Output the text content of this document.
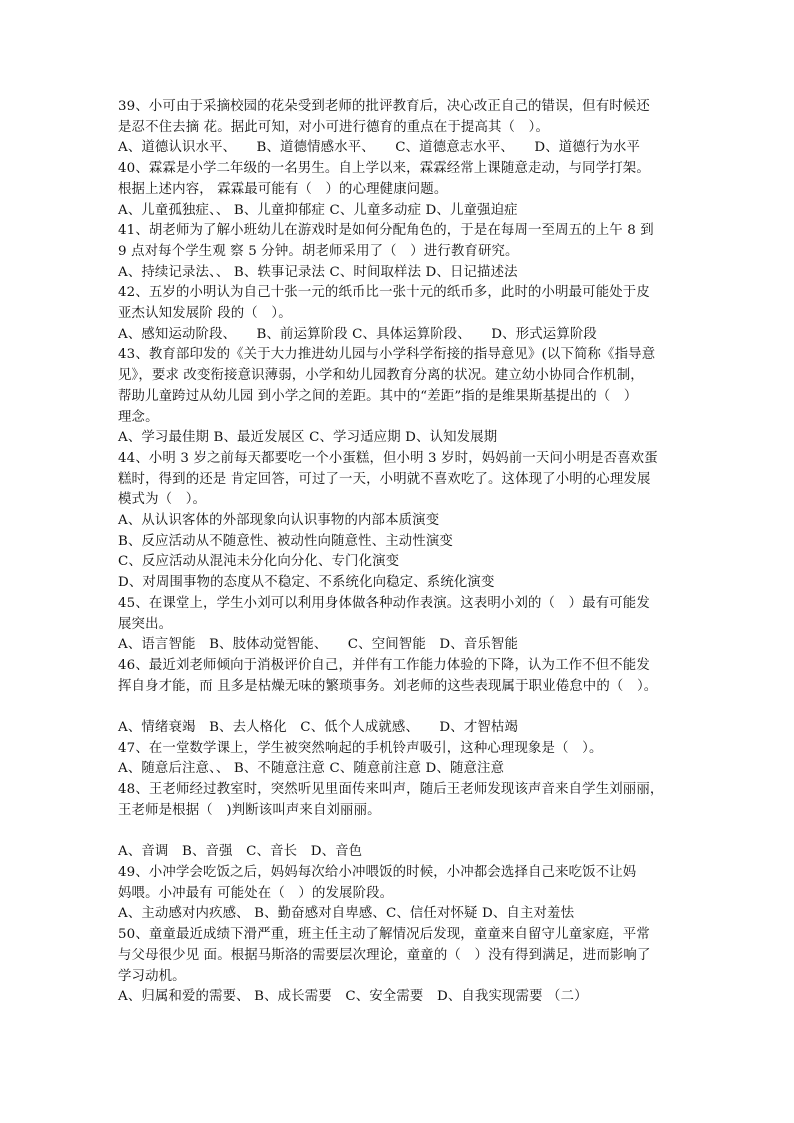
39、小可由于采摘校园的花朵受到老师的批评教育后，决心改正自己的错误，但有时候还
是忍不住去摘 花。据此可知，对小可进行德育的重点在于提高其（　）。
A、道德认识水平、　　B、道德情感水平、　　C、道德意志水平、　　D、道德行为水平
40、霖霖是小学二年级的一名男生。自上学以来，霖霖经常上课随意走动，与同学打架。
根据上述内容， 霖霖最可能有（　）的心理健康问题。
A、儿童孤独症、、 B、儿童抑郁症 C、儿童多动症 D、儿童强迫症
41、胡老师为了解小班幼儿在游戏时是如何分配角色的，于是在每周一至周五的上午 8 到
9 点对每个学生观 察 5 分钟。胡老师采用了（　）进行教育研究。
A、持续记录法、、 B、轶事记录法 C、时间取样法 D、日记描述法
42、五岁的小明认为自己十张一元的纸币比一张十元的纸币多，此时的小明最可能处于皮
亚杰认知发展阶 段的（　）。
A、感知运动阶段、　　B、前运算阶段 C、具体运算阶段、　　D、形式运算阶段
43、教育部印发的《关于大力推进幼儿园与小学科学衔接的指导意见》(以下简称《指导意
见》，要求 改变衔接意识薄弱，小学和幼儿园教育分离的状况。建立幼小协同合作机制，
帮助儿童跨过从幼儿园 到小学之间的差距。其中的“差距”指的是维果斯基提出的（　）
理念。
A、学习最佳期 B、最近发展区 C、学习适应期 D、认知发展期
44、小明 3 岁之前每天都要吃一个小蛋糕，但小明 3 岁时，妈妈前一天问小明是否喜欢蛋
糕时，得到的还是 肯定回答，可过了一天，小明就不喜欢吃了。这体现了小明的心理发展
模式为（　）。
A、从认识客体的外部现象向认识事物的内部本质演变
B、反应活动从不随意性、被动性向随意性、主动性演变
C、反应活动从混沌未分化向分化、专门化演变
D、对周围事物的态度从不稳定、不系统化向稳定、系统化演变
45、在课堂上，学生小刘可以利用身体做各种动作表演。这表明小刘的（　）最有可能发
展突出。
A、语言智能　B、肢体动觉智能、　　C、空间智能　D、音乐智能
46、最近刘老师倾向于消极评价自己，并伴有工作能力体验的下降，认为工作不但不能发
挥自身才能，而 且多是枯燥无味的繁琐事务。刘老师的这些表现属于职业倦怠中的（　）。
A、情绪衰竭　B、去人格化　C、低个人成就感、　　D、才智枯竭
47、在一堂数学课上，学生被突然响起的手机铃声吸引，这种心理现象是（　）。
A、随意后注意、、 B、不随意注意 C、随意前注意 D、随意注意
48、王老师经过教室时，突然听见里面传来叫声，随后王老师发现该声音来自学生刘丽丽，
王老师是根据（　)判断该叫声来自刘丽丽。
A、音调　B、音强　C、音长　D、音色
49、小冲学会吃饭之后，妈妈每次给小冲喂饭的时候，小冲都会选择自己来吃饭不让妈
妈喂。小冲最有 可能处在（　）的发展阶段。
A、主动感对内疚感、 B、勤奋感对自卑感、C、信任对怀疑 D、自主对羞怯
50、童童最近成绩下滑严重，班主任主动了解情况后发现，童童来自留守儿童家庭，平常
与父母很少见 面。根据马斯洛的需要层次理论，童童的（　）没有得到满足，进而影响了
学习动机。
A、归属和爱的需要、 B、成长需要　C、安全需要　D、自我实现需要 （二）
